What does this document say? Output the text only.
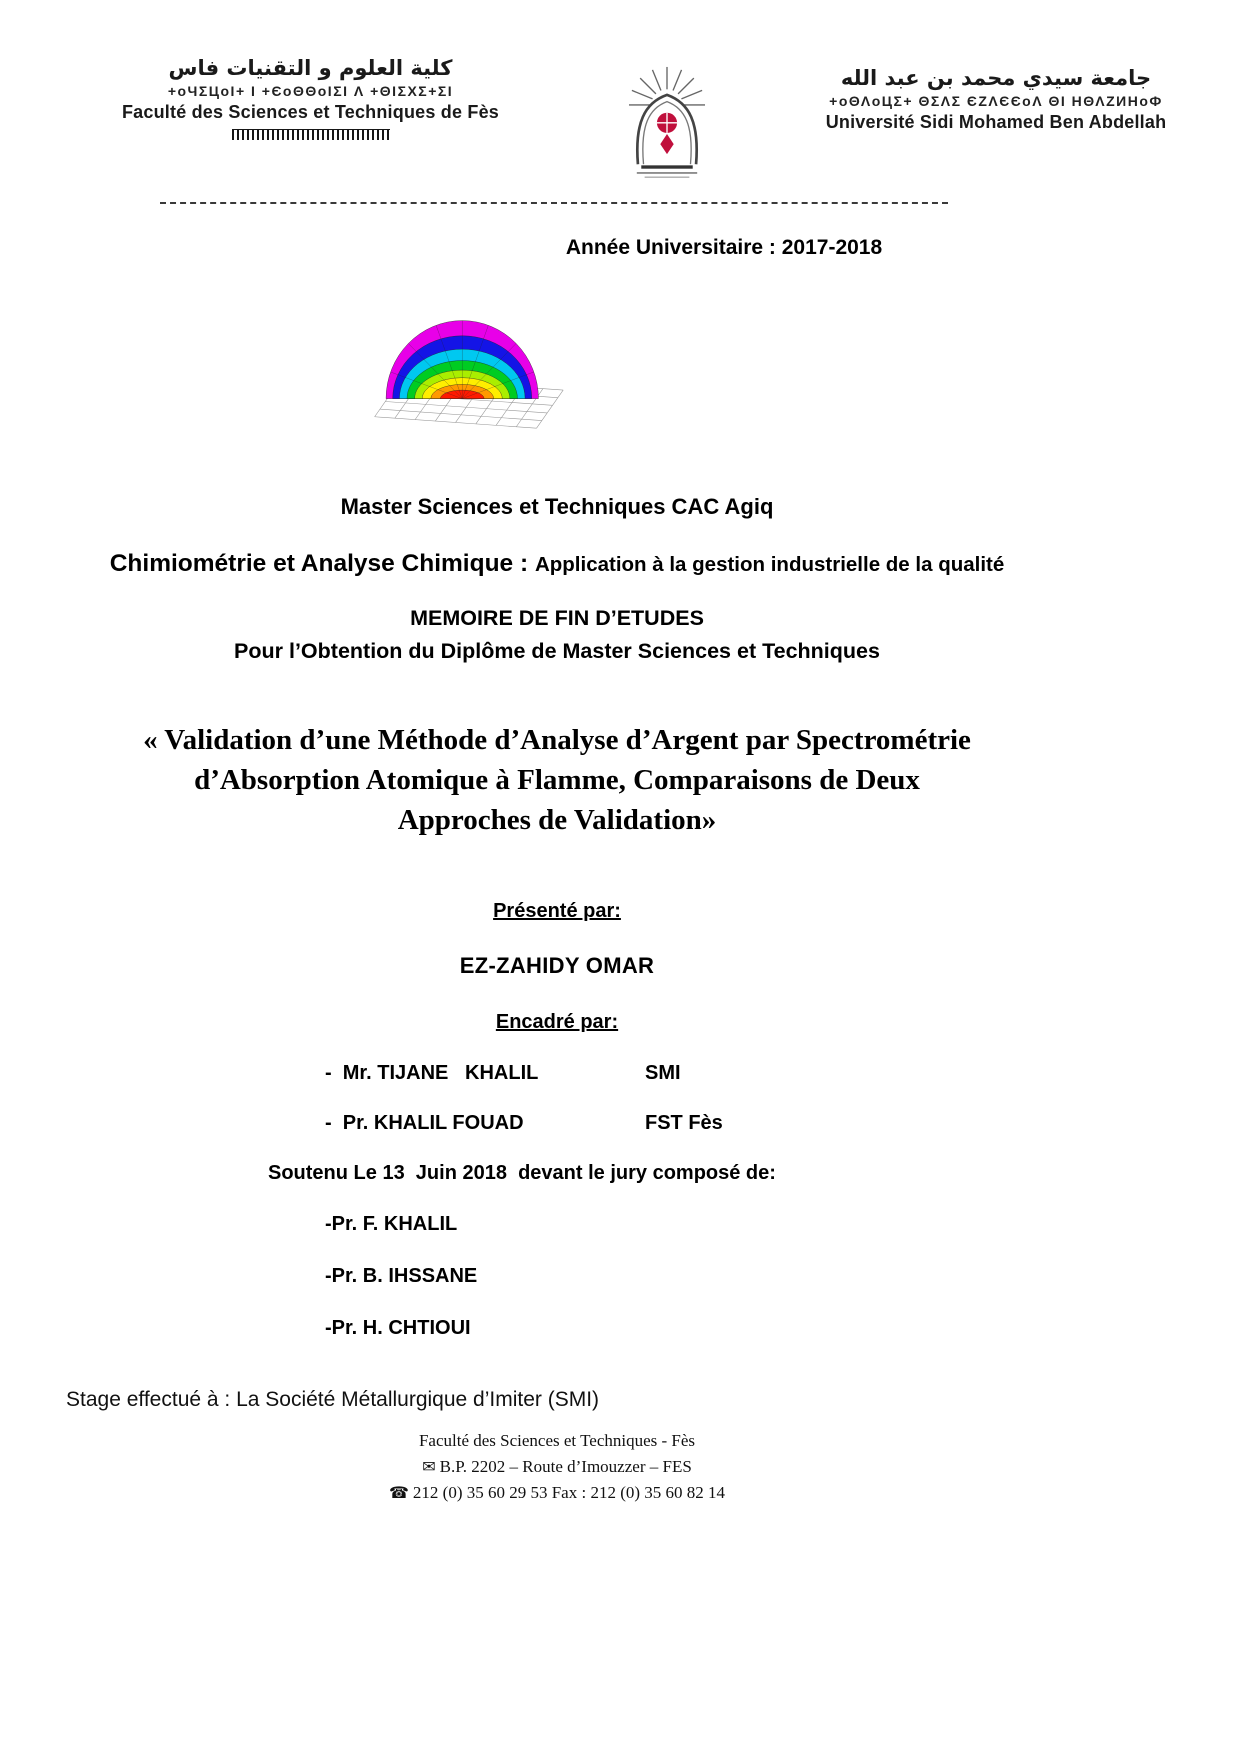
كلية العلوم و التقنيات فاس
+oЧΣЦoI+ I +ЄoΘΘoIΣI Λ +ΘIΣΧΣ+ΣI
Faculté des Sciences et Techniques de Fès
جامعة سيدي محمد بن عبد الله
+oΘΛoЦΣ+ ΘΣΛΣ ЄΖΛЄЄoΛ ΘI НΘΛΖИНoФ
Université Sidi Mohamed Ben Abdellah
Année Universitaire : 2017-2018
Master Sciences et Techniques CAC Agiq
Chimiométrie et Analyse Chimique : Application à la gestion industrielle de la qualité
MEMOIRE DE FIN D’ETUDES
Pour l’Obtention du Diplôme de Master Sciences et Techniques
« Validation d’une Méthode d’Analyse d’Argent par Spectrométrie
d’Absorption Atomique à Flamme, Comparaisons de Deux
Approches de Validation»
Présenté par:
EZ-ZAHIDY OMAR
Encadré par:
-  Mr. TIJANE   KHALIL	SMI
-  Pr. KHALIL FOUAD	FST Fès
Soutenu Le 13  Juin 2018  devant le jury composé de:
-Pr. F. KHALIL
-Pr. B. IHSSANE
-Pr. H. CHTIOUI
Stage effectué à : La Société Métallurgique d’Imiter (SMI)
Faculté des Sciences et Techniques - Fès
✉ B.P. 2202 – Route d’Imouzzer – FES
☎ 212 (0) 35 60 29 53 Fax : 212 (0) 35 60 82 14
